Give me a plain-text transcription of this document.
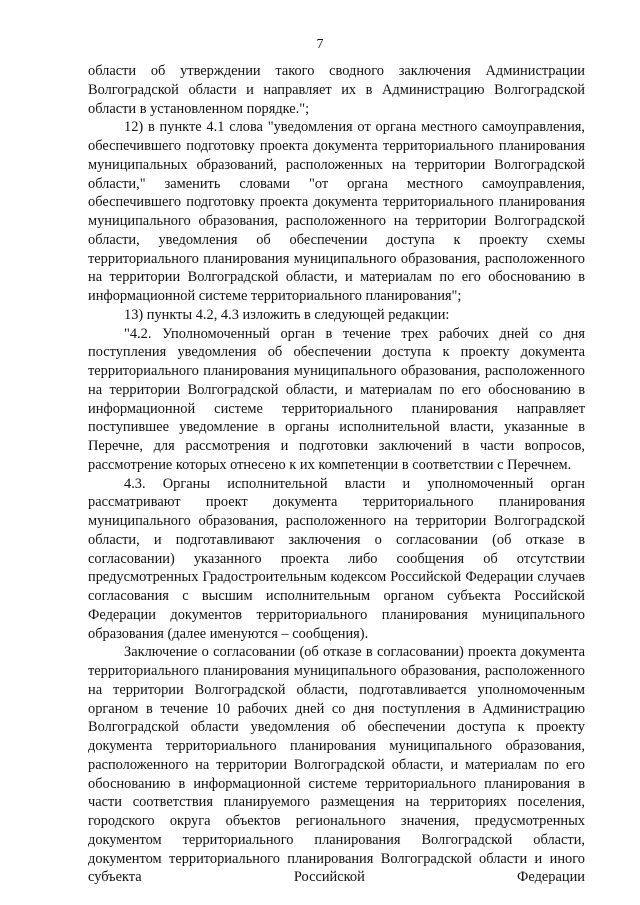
7

области об утверждении такого сводного заключения Администрации Волгоградской области и направляет их в Администрацию Волгоградской области в установленном порядке.";

12) в пункте 4.1 слова "уведомления от органа местного самоуправления, обеспечившего подготовку проекта документа территориального планирования муниципальных образований, расположенных на территории Волгоградской области," заменить словами "от органа местного самоуправления, обеспечившего подготовку проекта документа территориального планирования муниципального образования, расположенного на территории Волгоградской области, уведомления об обеспечении доступа к проекту схемы территориального планирования муниципального образования, расположенного на территории Волгоградской области, и материалам по его обоснованию в информационной системе территориального планирования";

13) пункты 4.2, 4.3 изложить в следующей редакции:

"4.2. Уполномоченный орган в течение трех рабочих дней со дня поступления уведомления об обеспечении доступа к проекту документа территориального планирования муниципального образования, расположенного на территории Волгоградской области, и материалам по его обоснованию в информационной системе территориального планирования направляет поступившее уведомление в органы исполнительной власти, указанные в Перечне, для рассмотрения и подготовки заключений в части вопросов, рассмотрение которых отнесено к их компетенции в соответствии с Перечнем.

4.3. Органы исполнительной власти и уполномоченный орган рассматривают проект документа территориального планирования муниципального образования, расположенного на территории Волгоградской области, и подготавливают заключения о согласовании (об отказе в согласовании) указанного проекта либо сообщения об отсутствии предусмотренных Градостроительным кодексом Российской Федерации случаев согласования с высшим исполнительным органом субъекта Российской Федерации документов территориального планирования муниципального образования (далее именуются – сообщения).

Заключение о согласовании (об отказе в согласовании) проекта документа территориального планирования муниципального образования, расположенного на территории Волгоградской области, подготавливается уполномоченным органом в течение 10 рабочих дней со дня поступления в Администрацию Волгоградской области уведомления об обеспечении доступа к проекту документа территориального планирования муниципального образования, расположенного на территории Волгоградской области, и материалам по его обоснованию в информационной системе территориального планирования в части соответствия планируемого размещения на территориях поселения, городского округа объектов регионального значения, предусмотренных документом территориального планирования Волгоградской области, документом территориального планирования Волгоградской области и иного субъекта Российской Федерации
